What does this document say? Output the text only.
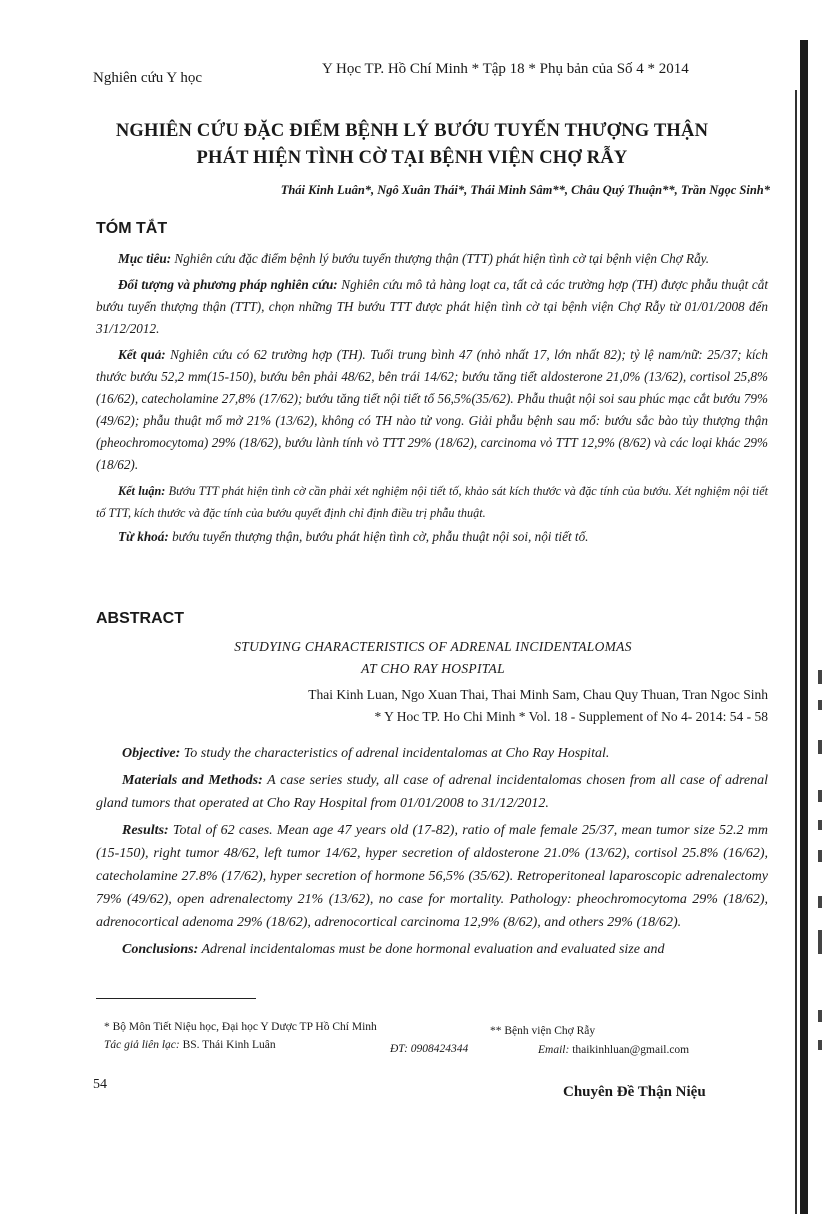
Nghiên cứu Y học
Y Học TP. Hồ Chí Minh * Tập 18 * Phụ bản của Số 4 * 2014
NGHIÊN CỨU ĐẶC ĐIỂM BỆNH LÝ BƯỚU TUYẾN THƯỢNG THẬN
PHÁT HIỆN TÌNH CỜ TẠI BỆNH VIỆN CHỢ RẪY
Thái Kinh Luân*, Ngô Xuân Thái*, Thái Minh Sâm**, Châu Quý Thuận**, Trần Ngọc Sinh*
TÓM TẮT

Mục tiêu: Nghiên cứu đặc điểm bệnh lý bướu tuyến thượng thận (TTT) phát hiện tình cờ tại bệnh viện Chợ Rẫy.

Đối tượng và phương pháp nghiên cứu: Nghiên cứu mô tả hàng loạt ca, tất cả các trường hợp (TH) được phẫu thuật cắt bướu tuyến thượng thận (TTT), chọn những TH bướu TTT được phát hiện tình cờ tại bệnh viện Chợ Rẫy từ 01/01/2008 đến 31/12/2012.

Kết quả: Nghiên cứu có 62 trường hợp (TH). Tuổi trung bình 47 (nhỏ nhất 17, lớn nhất 82); tỷ lệ nam/nữ: 25/37; kích thước bướu 52,2 mm(15-150), bướu bên phải 48/62, bên trái 14/62; bướu tăng tiết aldosterone 21,0% (13/62), cortisol 25,8% (16/62), catecholamine 27,8% (17/62); bướu tăng tiết nội tiết tố 56,5%(35/62). Phẫu thuật nội soi sau phúc mạc cắt bướu 79% (49/62); phẫu thuật mổ mở 21% (13/62), không có TH nào tử vong. Giải phẫu bệnh sau mổ: bướu sắc bào tủy thượng thận (pheochromocytoma) 29% (18/62), bướu lành tính vỏ TTT 29% (18/62), carcinoma vỏ TTT 12,9% (8/62) và các loại khác 29% (18/62).

Kết luận: Bướu TTT phát hiện tình cờ cần phải xét nghiệm nội tiết tố, khảo sát kích thước và đặc tính của bướu. Xét nghiệm nội tiết tố TTT, kích thước và đặc tính của bướu quyết định chỉ định điều trị phẫu thuật.

Từ khoá: bướu tuyến thượng thận, bướu phát hiện tình cờ, phẫu thuật nội soi, nội tiết tố.

ABSTRACT
STUDYING CHARACTERISTICS OF ADRENAL INCIDENTALOMAS
AT CHO RAY HOSPITAL
Thai Kinh Luan, Ngo Xuan Thai, Thai Minh Sam, Chau Quy Thuan, Tran Ngoc Sinh
* Y Hoc TP. Ho Chi Minh * Vol. 18 - Supplement of No 4- 2014: 54 - 58

Objective: To study the characteristics of adrenal incidentalomas at Cho Ray Hospital.

Materials and Methods: A case series study, all case of adrenal incidentalomas chosen from all case of adrenal gland tumors that operated at Cho Ray Hospital from 01/01/2008 to 31/12/2012.

Results: Total of 62 cases. Mean age 47 years old (17-82), ratio of male female 25/37, mean tumor size 52.2 mm (15-150), right tumor 48/62, left tumor 14/62, hyper secretion of aldosterone 21.0% (13/62), cortisol 25.8% (16/62), catecholamine 27.8% (17/62), hyper secretion of hormone 56,5% (35/62). Retroperitoneal laparoscopic adrenalectomy 79% (49/62), open adrenalectomy 21% (13/62), no case for mortality. Pathology: pheochromocytoma 29% (18/62), adrenocortical adenoma 29% (18/62), adrenocortical carcinoma 12,9% (8/62), and others 29% (18/62).

Conclusions: Adrenal incidentalomas must be done hormonal evaluation and evaluated size and

* Bộ Môn Tiết Niệu học, Đại học Y Dược TP Hồ Chí Minh	** Bệnh viện Chợ Rẫy
Tác giả liên lạc: BS. Thái Kinh Luân	ĐT: 0908424344	Email: thaikinhluan@gmail.com
54	Chuyên Đề Thận Niệu
